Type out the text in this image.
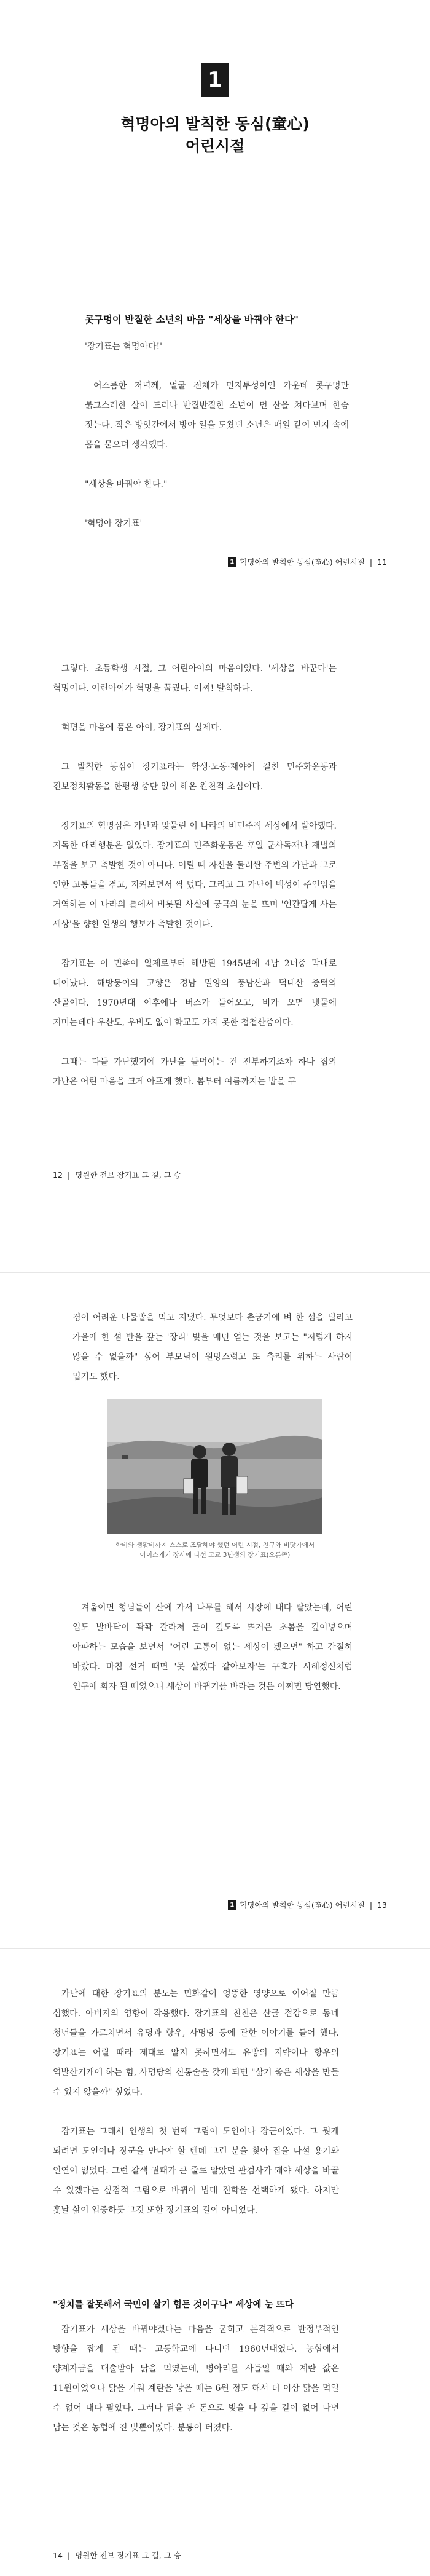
1
혁명아의 발칙한 동심(童心)
어린시절
콧구멍이 반질한 소년의 마음 "세상을 바꿔야 한다"

'장기표는 혁명아다!'

어스름한 저녁께, 얼굴 전체가 먼지투성이인 가운데 콧구멍만 붉그스레한 살이 드러나 반질반질한 소년이 먼 산을 쳐다보며 한숨 짓는다. 작은 방앗간에서 방아 일을 도왔던 소년은 매일 같이 먼지 속에 몸을 묻으며 생각했다.

"세상을 바꿔야 한다."

'혁명아 장기표'

1 혁명아의 발칙한 동심(童心) 어린시절 | 11

그렇다. 초등학생 시절, 그 어린아이의 마음이었다. '세상을 바꾼다'는 혁명이다. 어린아이가 혁명을 꿈꿨다. 어찌! 발칙하다.

혁명을 마음에 품은 아이, 장기표의 실제다.

그 발칙한 동심이 장기표라는 학생·노동·재야에 걸친 민주화운동과 진보정치활동을 한평생 중단 없이 해온 원천적 초심이다.

장기표의 혁명심은 가난과 맞물린 이 나라의 비민주적 세상에서 발아했다. 지독한 대리행분은 없었다. 장기표의 민주화운동은 후일 군사독재나 재벌의 부정을 보고 촉발한 것이 아니다. 어릴 때 자신을 둘러싼 주변의 가난과 그로 인한 고통들을 겪고, 지켜보면서 싹 텄다. 그리고 그 가난이 백성이 주인임을 거역하는 이 나라의 틀에서 비롯된 사실에 궁극의 눈을 뜨며 '인간답게 사는 세상'을 향한 일생의 행보가 촉발한 것이다.

장기표는 이 민족이 일제로부터 해방된 1945년에 4남 2녀중 막내로 태어났다. 해방둥이의 고향은 경남 밀양의 풍남산과 덕대산 중턱의 산골이다. 1970년대 이후에나 버스가 들어오고, 비가 오면 냇물에 지미는데다 우산도, 우비도 없이 학교도 가지 못한 첩첩산중이다.

그때는 다들 가난했기에 가난을 들먹이는 건 진부하기조차 하나 집의 가난은 어린 마음을 크게 아프게 했다. 봄부터 여름까지는 밥을 구

12 | 명원한 전보 장기표 그 길, 그 승

경이 어려운 나물밥을 먹고 지냈다. 무엇보다 춘궁기에 벼 한 섬을 빌리고 가을에 한 섬 반을 갚는 '장리' 빚을 매년 얻는 것을 보고는 "저렇게 하지 않을 수 없을까" 싶어 부모님이 원망스럽고 또 측리를 위하는 사람이 밉기도 했다.

학비와 생활비까지 스스로 조달해야 했던 어린 시절, 친구와 비닷가에서
아이스케키 장사에 나선 고교 3년생의 장기표(오른쪽)

겨울이면 형님들이 산에 가서 나무를 해서 시장에 내다 팔았는데, 어린 입도 발바닥이 꽉꽉 갈라져 골이 깊도록 뜨거운 초봄을 깊이넣으며 아파하는 모습을 보면서 "어린 고통이 없는 세상이 됐으면" 하고 간절히 바랐다. 마침 선거 때면 '못 살겠다 갈아보자'는 구호가 시해정신처럼 인구에 회자 된 때였으니 세상이 바뀌기를 바라는 것은 어쩌면 당연했다.

1 혁명아의 발칙한 동심(童心) 어린시절 | 13

가난에 대한 장기표의 분노는 민화같이 엉뚱한 영양으로 이어질 만큼 심했다. 아버지의 영향이 작용했다. 장기표의 친친은 산골 접강으로 동네 청년들을 가르치면서 유명과 항우, 사명당 등에 관한 이야기를 들어 했다. 장기표는 어릴 때라 제대로 알지 못하면서도 유방의 지략이나 항우의 역발산기개에 하는 힘, 사명당의 신통술을 갖게 되면 "삶기 좋은 세상을 만들 수 있지 않을까" 싶었다.

장기표는 그래서 인생의 첫 번째 그림이 도인이나 장군이었다. 그 뭣게 되려면 도인이나 장군을 만나야 할 텐데 그런 분을 찾아 집을 나설 용기와 인연이 없었다. 그런 갈색 권패가 큰 줄로 알았던 관검사가 돼야 세상을 바꿀 수 있겠다는 싶점적 그림으로 바뀌어 법대 진학을 선택하게 됐다. 하지만 훗날 삶이 입증하듯 그것 또한 장기표의 길이 아니었다.

"정치를 잘못해서 국민이 살기 힘든 것이구나" 세상에 눈 뜨다

장기표가 세상을 바꿔야겠다는 마음을 굳히고 본격적으로 반정부적인 방향을 잡게 된 때는 고등학교에 다니던 1960년대였다. 농협에서 양계자금을 대출받아 닭을 먹였는데, 병아리를 사들일 때와 계란 값은 11원이었으나 닭을 키워 계란을 낳을 때는 6원 정도 해서 더 이상 닭을 먹일 수 없어 내다 팔았다. 그러나 닭을 판 돈으로 빚을 다 갚을 길이 없어 나면 남는 것은 농협에 진 빚뿐이었다. 분통이 터졌다.

14 | 명원한 전보 장기표 그 길, 그 승
